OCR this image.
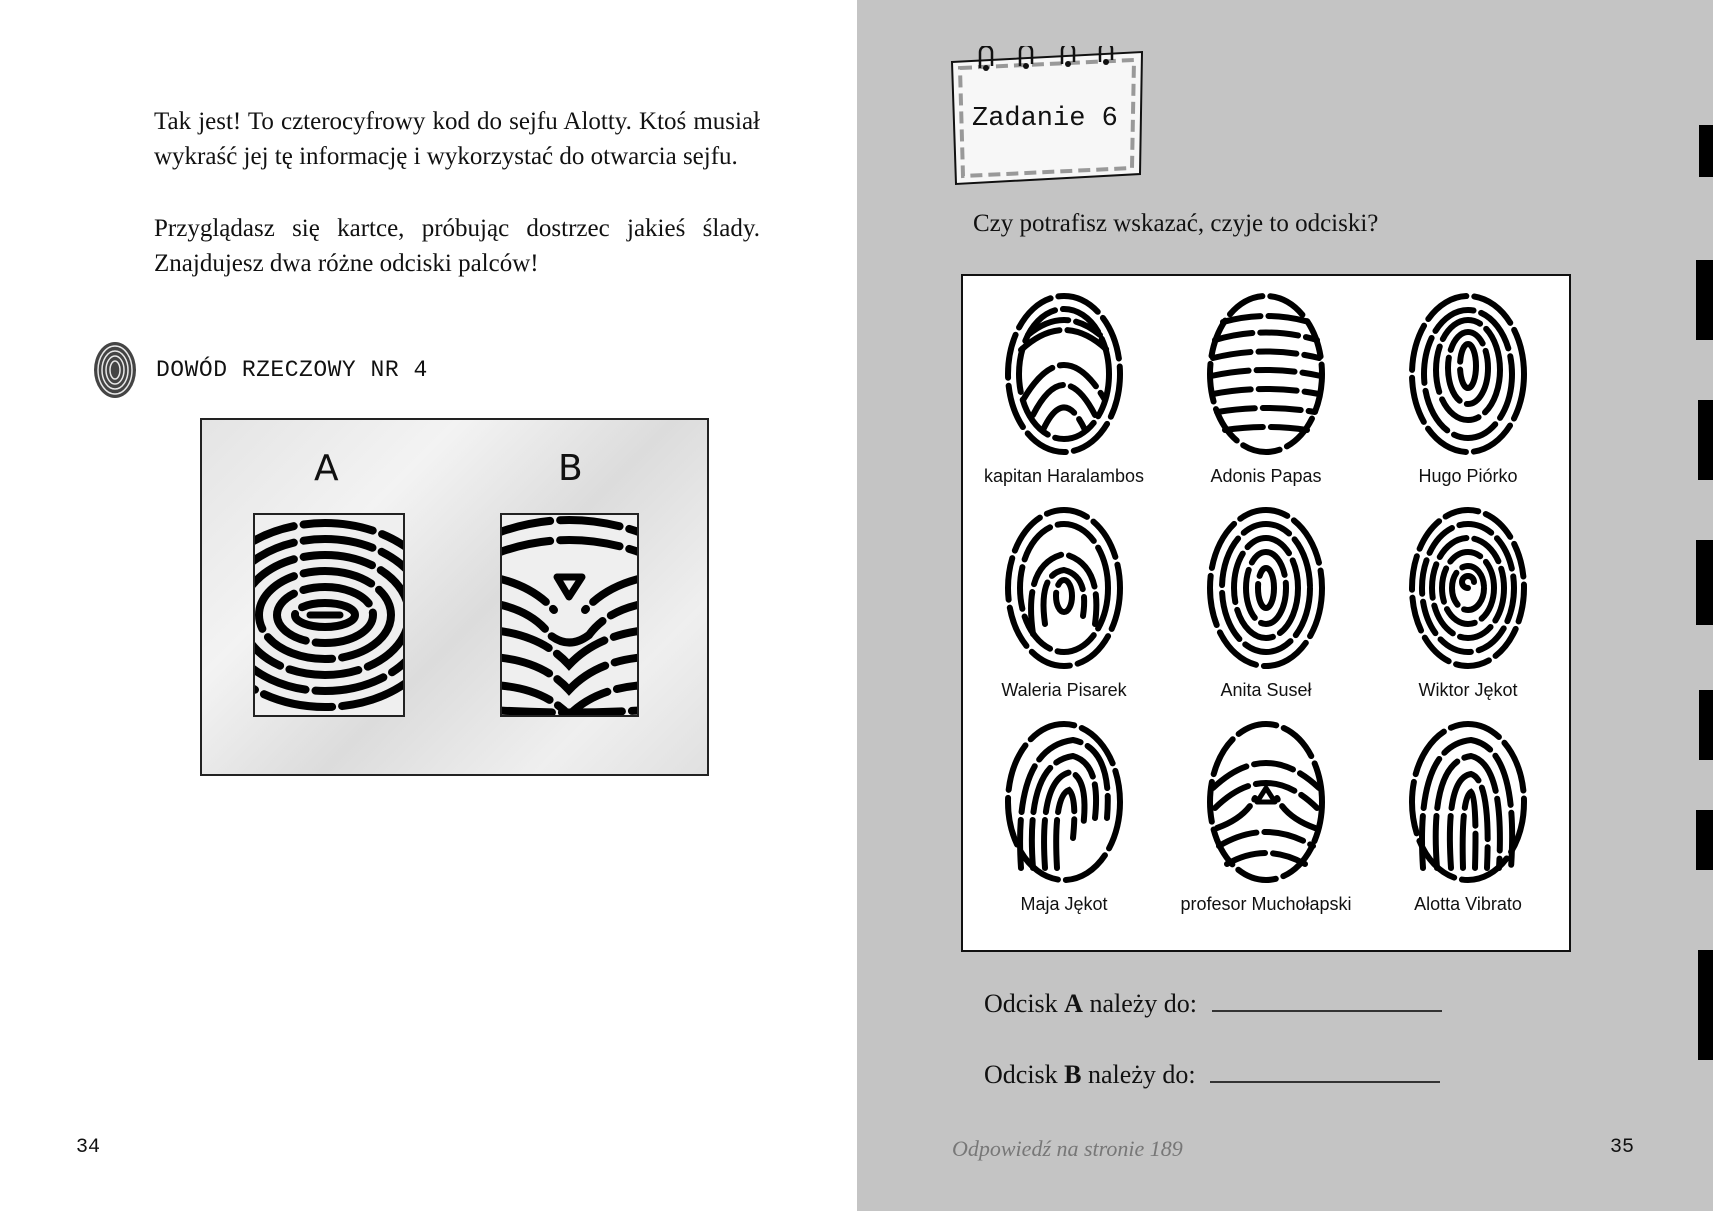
Tak jest! To czterocyfrowy kod do sejfu Alotty. Ktoś musiał wykraść jej tę informację i wykorzystać do otwarcia sejfu.

Przyglądasz się kartce, próbując dostrzec jakieś ślady. Znajdujesz dwa różne odciski palców!

DOWÓD RZECZOWY NR 4
A	B
34
Zadanie 6
Czy potrafisz wskazać, czyje to odciski?
kapitan Haralambos	Adonis Papas	Hugo Piórko
Waleria Pisarek	Anita Suseł	Wiktor Jękot
Maja Jękot	profesor Muchołapski	Alotta Vibrato
Odcisk A należy do:
Odcisk B należy do:
Odpowiedź na stronie 189	35
